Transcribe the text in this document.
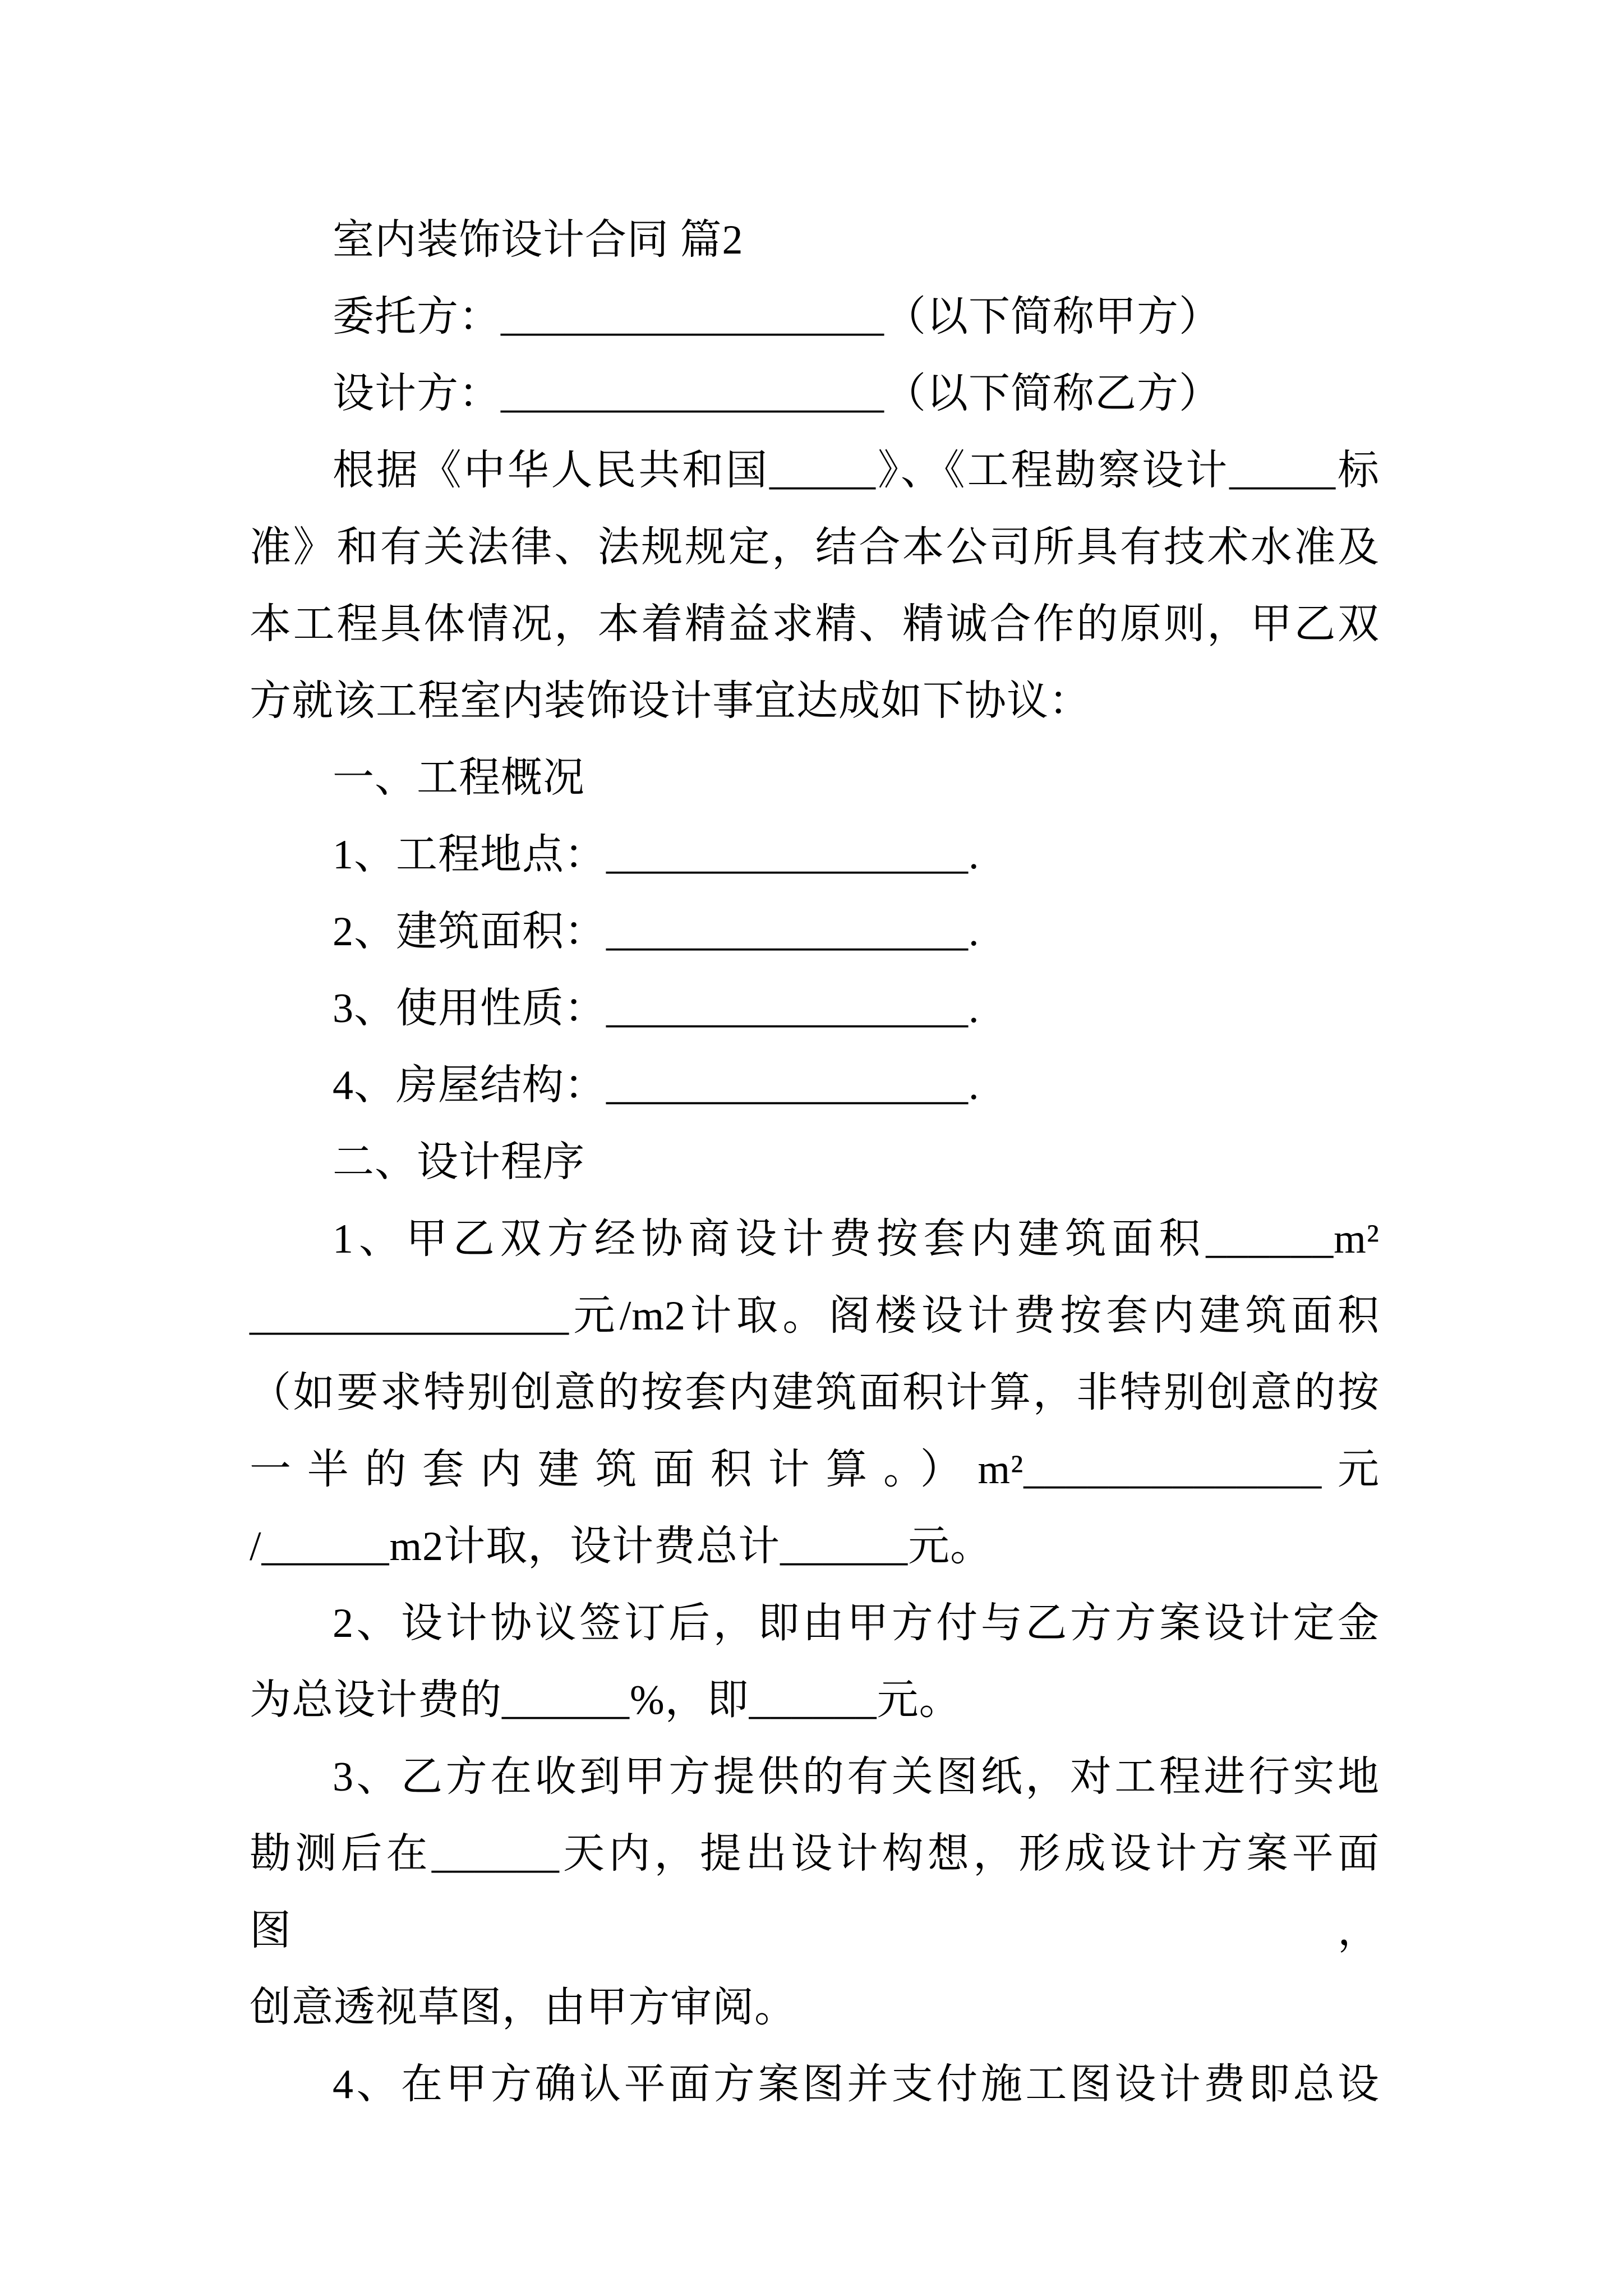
室内装饰设计合同 篇2
委托方：__________________（以下简称甲方）
设计方：__________________（以下简称乙方）
根据《中华人民共和国_____》、《工程勘察设计_____标
准》和有关法律、法规规定，结合本公司所具有技术水准及
本工程具体情况，本着精益求精、精诚合作的原则，甲乙双
方就该工程室内装饰设计事宜达成如下协议：
一、工程概况
1、工程地点：_________________.
2、建筑面积：_________________.
3、使用性质：_________________.
4、房屋结构：_________________.
二、设计程序
1、甲乙双方经协商设计费按套内建筑面积______m²
_______________元/m2计取。阁楼设计费按套内建筑面积
（如要求特别创意的按套内建筑面积计算，非特别创意的按
一半的套内建筑面积计算。）m²______________元
/______m2计取，设计费总计______元。
2、设计协议签订后，即由甲方付与乙方方案设计定金
为总设计费的______%，即______元。
3、乙方在收到甲方提供的有关图纸，对工程进行实地
勘测后在______天内，提出设计构想，形成设计方案平面图，
创意透视草图，由甲方审阅。
4、在甲方确认平面方案图并支付施工图设计费即总设
